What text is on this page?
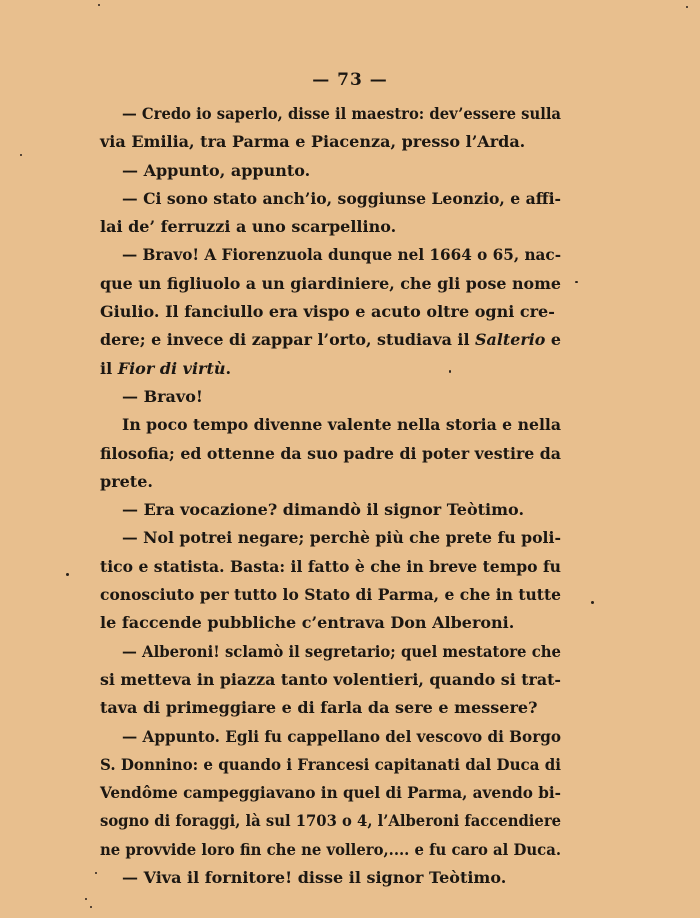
— 73 —
— Credo io saperlo, disse il maestro: dev’essere sulla
via Emilia, tra Parma e Piacenza, presso l’Arda.
— Appunto, appunto.
— Ci sono stato anch’io, soggiunse Leonzio, e affi-
lai de’ ferruzzi a uno scarpellino.
— Bravo! A Fiorenzuola dunque nel 1664 o 65, nac-
que un figliuolo a un giardiniere, che gli pose nome
Giulio. Il fanciullo era vispo e acuto oltre ogni cre-
dere; e invece di zappar l’orto, studiava il Salterio e
il Fior di virtù.
— Bravo!
In poco tempo divenne valente nella storia e nella
filosofia; ed ottenne da suo padre di poter vestire da
prete.
— Era vocazione? dimandò il signor Teòtimo.
— Nol potrei negare; perchè più che prete fu poli-
tico e statista. Basta: il fatto è che in breve tempo fu
conosciuto per tutto lo Stato di Parma, e che in tutte
le faccende pubbliche c’entrava Don Alberoni.
— Alberoni! sclamò il segretario; quel mestatore che
si metteva in piazza tanto volentieri, quando si trat-
tava di primeggiare e di farla da sere e messere?
— Appunto. Egli fu cappellano del vescovo di Borgo
S. Donnino: e quando i Francesi capitanati dal Duca di
Vendôme campeggiavano in quel di Parma, avendo bi-
sogno di foraggi, là sul 1703 o 4, l’Alberoni faccendiere
ne provvide loro fin che ne vollero,.... e fu caro al Duca.
— Viva il fornitore! disse il signor Teòtimo.
